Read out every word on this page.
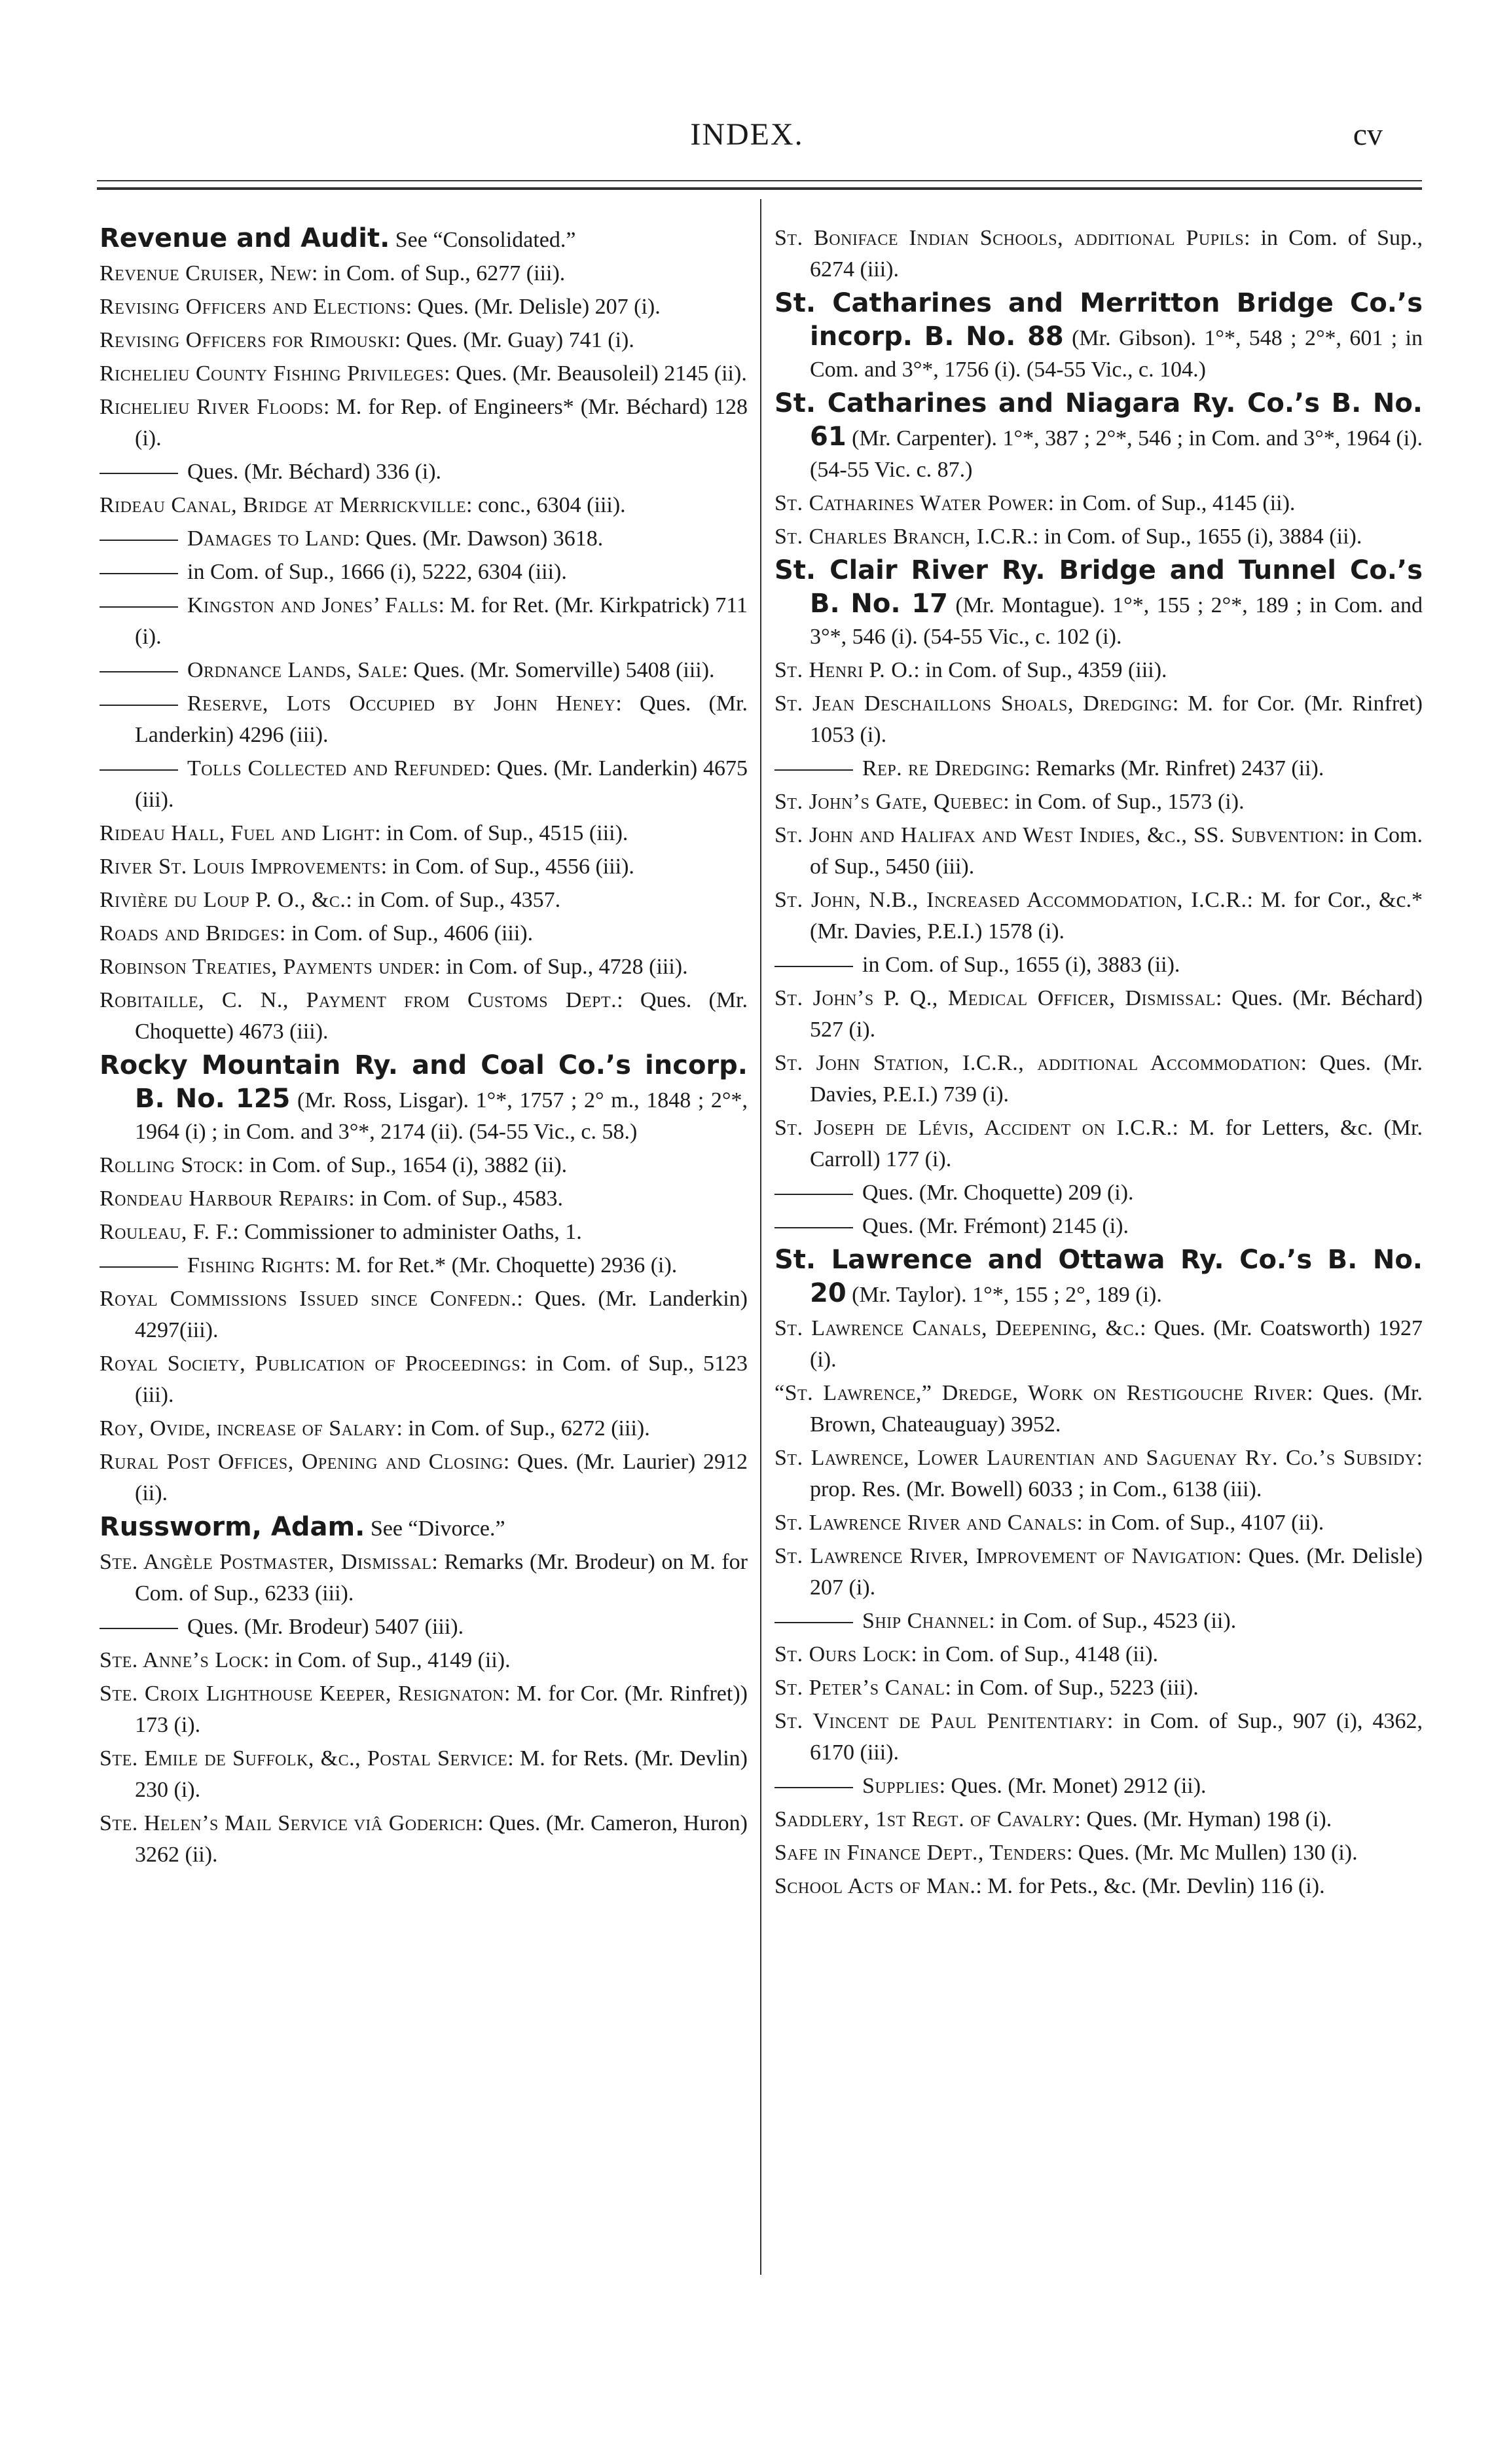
INDEX.	cv
Revenue and Audit. See “Consolidated.”
Revenue Cruiser, New: in Com. of Sup., 6277 (iii).
Revising Officers and Elections: Ques. (Mr. Delisle) 207 (i).
Revising Officers for Rimouski: Ques. (Mr. Guay) 741 (i).
Richelieu County Fishing Privileges: Ques. (Mr. Beausoleil) 2145 (ii).
Richelieu River Floods: M. for Rep. of Engineers* (Mr. Béchard) 128 (i).
Ques. (Mr. Béchard) 336 (i).
Rideau Canal, Bridge at Merrickville: conc., 6304 (iii).
Damages to Land: Ques. (Mr. Dawson) 3618.
in Com. of Sup., 1666 (i), 5222, 6304 (iii).
Kingston and Jones’ Falls: M. for Ret. (Mr. Kirkpatrick) 711 (i).
Ordnance Lands, Sale: Ques. (Mr. Somerville) 5408 (iii).
Reserve, Lots Occupied by John Heney: Ques. (Mr. Landerkin) 4296 (iii).
Tolls Collected and Refunded: Ques. (Mr. Landerkin) 4675 (iii).
Rideau Hall, Fuel and Light: in Com. of Sup., 4515 (iii).
River St. Louis Improvements: in Com. of Sup., 4556 (iii).
Rivière du Loup P. O., &c.: in Com. of Sup., 4357.
Roads and Bridges: in Com. of Sup., 4606 (iii).
Robinson Treaties, Payments under: in Com. of Sup., 4728 (iii).
Robitaille, C. N., Payment from Customs Dept.: Ques. (Mr. Choquette) 4673 (iii).
Rocky Mountain Ry. and Coal Co.’s incorp. B. No. 125 (Mr. Ross, Lisgar). 1°*, 1757 ; 2° m., 1848 ; 2°*, 1964 (i) ; in Com. and 3°*, 2174 (ii). (54-55 Vic., c. 58.)
Rolling Stock: in Com. of Sup., 1654 (i), 3882 (ii).
Rondeau Harbour Repairs: in Com. of Sup., 4583.
Rouleau, F. F.: Commissioner to administer Oaths, 1.
Fishing Rights: M. for Ret.* (Mr. Choquette) 2936 (i).
Royal Commissions Issued since Confedn.: Ques. (Mr. Landerkin) 4297(iii).
Royal Society, Publication of Proceedings: in Com. of Sup., 5123 (iii).
Roy, Ovide, increase of Salary: in Com. of Sup., 6272 (iii).
Rural Post Offices, Opening and Closing: Ques. (Mr. Laurier) 2912 (ii).
Russworm, Adam. See “Divorce.”
Ste. Angèle Postmaster, Dismissal: Remarks (Mr. Brodeur) on M. for Com. of Sup., 6233 (iii).
Ques. (Mr. Brodeur) 5407 (iii).
Ste. Anne’s Lock: in Com. of Sup., 4149 (ii).
Ste. Croix Lighthouse Keeper, Resignaton: M. for Cor. (Mr. Rinfret)) 173 (i).
Ste. Emile de Suffolk, &c., Postal Service: M. for Rets. (Mr. Devlin) 230 (i).
Ste. Helen’s Mail Service viâ Goderich: Ques. (Mr. Cameron, Huron) 3262 (ii).
St. Boniface Indian Schools, additional Pupils: in Com. of Sup., 6274 (iii).
St. Catharines and Merritton Bridge Co.’s incorp. B. No. 88 (Mr. Gibson). 1°*, 548 ; 2°*, 601 ; in Com. and 3°*, 1756 (i). (54-55 Vic., c. 104.)
St. Catharines and Niagara Ry. Co.’s B. No. 61 (Mr. Carpenter). 1°*, 387 ; 2°*, 546 ; in Com. and 3°*, 1964 (i). (54-55 Vic. c. 87.)
St. Catharines Water Power: in Com. of Sup., 4145 (ii).
St. Charles Branch, I.C.R.: in Com. of Sup., 1655 (i), 3884 (ii).
St. Clair River Ry. Bridge and Tunnel Co.’s B. No. 17 (Mr. Montague). 1°*, 155 ; 2°*, 189 ; in Com. and 3°*, 546 (i). (54-55 Vic., c. 102 (i).
St. Henri P. O.: in Com. of Sup., 4359 (iii).
St. Jean Deschaillons Shoals, Dredging: M. for Cor. (Mr. Rinfret) 1053 (i).
Rep. re Dredging: Remarks (Mr. Rinfret) 2437 (ii).
St. John’s Gate, Quebec: in Com. of Sup., 1573 (i).
St. John and Halifax and West Indies, &c., SS. Subvention: in Com. of Sup., 5450 (iii).
St. John, N.B., Increased Accommodation, I.C.R.: M. for Cor., &c.* (Mr. Davies, P.E.I.) 1578 (i).
in Com. of Sup., 1655 (i), 3883 (ii).
St. John’s P. Q., Medical Officer, Dismissal: Ques. (Mr. Béchard) 527 (i).
St. John Station, I.C.R., additional Accommodation: Ques. (Mr. Davies, P.E.I.) 739 (i).
St. Joseph de Lévis, Accident on I.C.R.: M. for Letters, &c. (Mr. Carroll) 177 (i).
Ques. (Mr. Choquette) 209 (i).
Ques. (Mr. Frémont) 2145 (i).
St. Lawrence and Ottawa Ry. Co.’s B. No. 20 (Mr. Taylor). 1°*, 155 ; 2°, 189 (i).
St. Lawrence Canals, Deepening, &c.: Ques. (Mr. Coatsworth) 1927 (i).
“St. Lawrence,” Dredge, Work on Restigouche River: Ques. (Mr. Brown, Chateauguay) 3952.
St. Lawrence, Lower Laurentian and Saguenay Ry. Co.’s Subsidy: prop. Res. (Mr. Bowell) 6033 ; in Com., 6138 (iii).
St. Lawrence River and Canals: in Com. of Sup., 4107 (ii).
St. Lawrence River, Improvement of Navigation: Ques. (Mr. Delisle) 207 (i).
Ship Channel: in Com. of Sup., 4523 (ii).
St. Ours Lock: in Com. of Sup., 4148 (ii).
St. Peter’s Canal: in Com. of Sup., 5223 (iii).
St. Vincent de Paul Penitentiary: in Com. of Sup., 907 (i), 4362, 6170 (iii).
Supplies: Ques. (Mr. Monet) 2912 (ii).
Saddlery, 1st Regt. of Cavalry: Ques. (Mr. Hyman) 198 (i).
Safe in Finance Dept., Tenders: Ques. (Mr. Mc Mullen) 130 (i).
School Acts of Man.: M. for Pets., &c. (Mr. Devlin) 116 (i).
